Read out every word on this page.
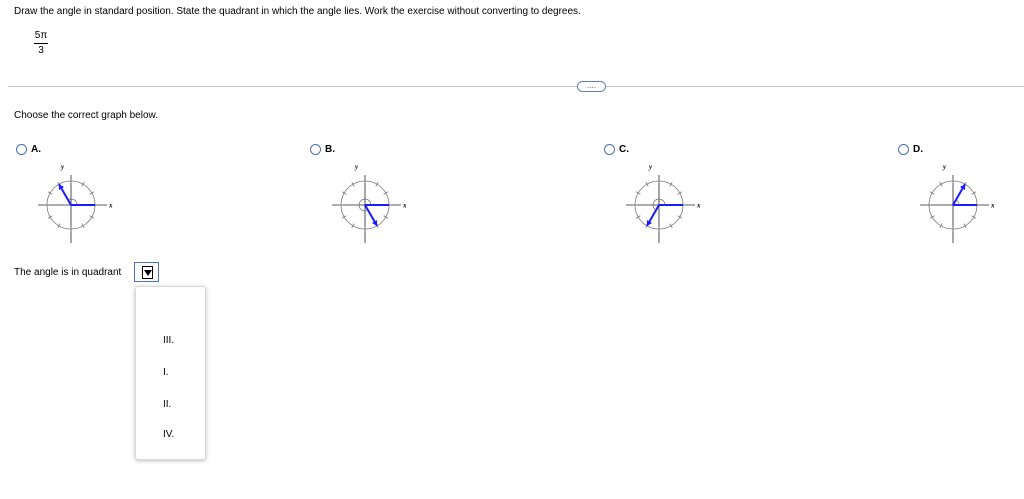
Draw the angle in standard position. State the quadrant in which the angle lies. Work the exercise without converting to degrees.
5π
3
....
Choose the correct graph below.
A.
x
y
B.
x
y
C.
x
y
D.
x
y
The angle is in quadrant
III.
I.
II.
IV.
